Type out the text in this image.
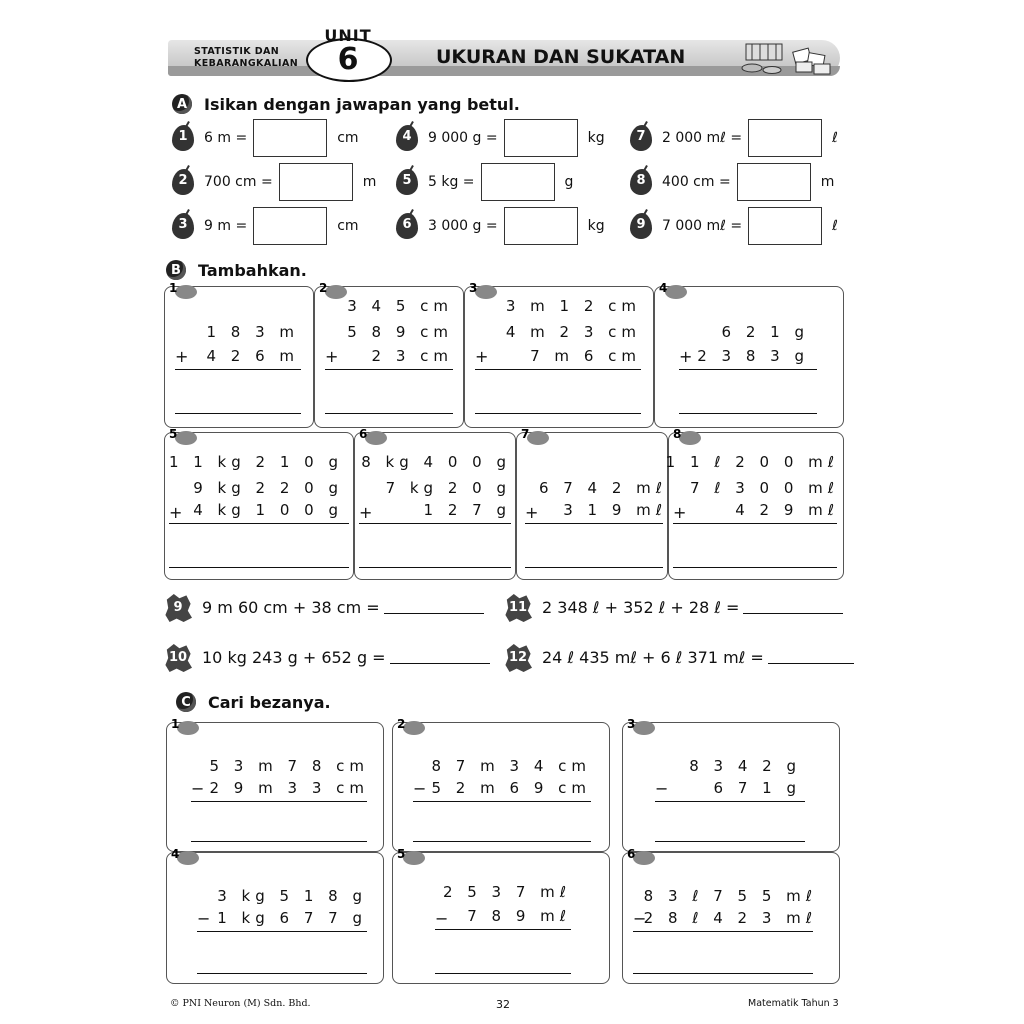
STATISTIK DAN
KEBARANGKALIAN
UNIT
6	UKURAN DAN SUKATAN
A	Isikan dengan jawapan yang betul.
1	6 m =	cm
2	700 cm =	m
3	9 m =	cm
4	9 000 g =	kg
5	5 kg =	g
6	3 000 g =	kg
7	2 000 mℓ =	ℓ
8	400 cm =	m
9	7 000 mℓ =	ℓ
B	Tambahkan.
1
1 8 3 m
4 2 6 m
+
2
3 4 5 cm
5 8 9 cm
2 3 cm
+
3
3 m 1 2 cm
4 m 2 3 cm
7 m 6 cm
+
4
6 2 1 g
2 3 8 3 g
+
5
1 1 kg 2 1 0 g
9 kg 2 2 0 g
4 kg 1 0 0 g
+
6
8 kg 4 0 0 g
7 kg 2 0 g
1 2 7 g
+
7
6 7 4 2 mℓ
3 1 9 mℓ
+
8
1 1 ℓ 2 0 0 mℓ
7 ℓ 3 0 0 mℓ
4 2 9 mℓ
+
9	9 m 60 cm + 38 cm =
10 10 kg 243 g + 652 g =
11 2 348 ℓ + 352 ℓ + 28 ℓ =
12 24 ℓ 435 mℓ + 6 ℓ 371 mℓ =
C	Cari bezanya.
1
5 3 m 7 8 cm
2 9 m 3 3 cm
−
2
8 7 m 3 4 cm
5 2 m 6 9 cm
−
3
8 3 4 2 g
6 7 1 g
−
4
3 kg 5 1 8 g
1 kg 6 7 7 g
−
5
2 5 3 7 mℓ
7 8 9 mℓ
−
6
8 3 ℓ 7 5 5 mℓ
2 8 ℓ 4 2 3 mℓ
−
© PNI Neuron (M) Sdn. Bhd.	32	Matematik Tahun 3
